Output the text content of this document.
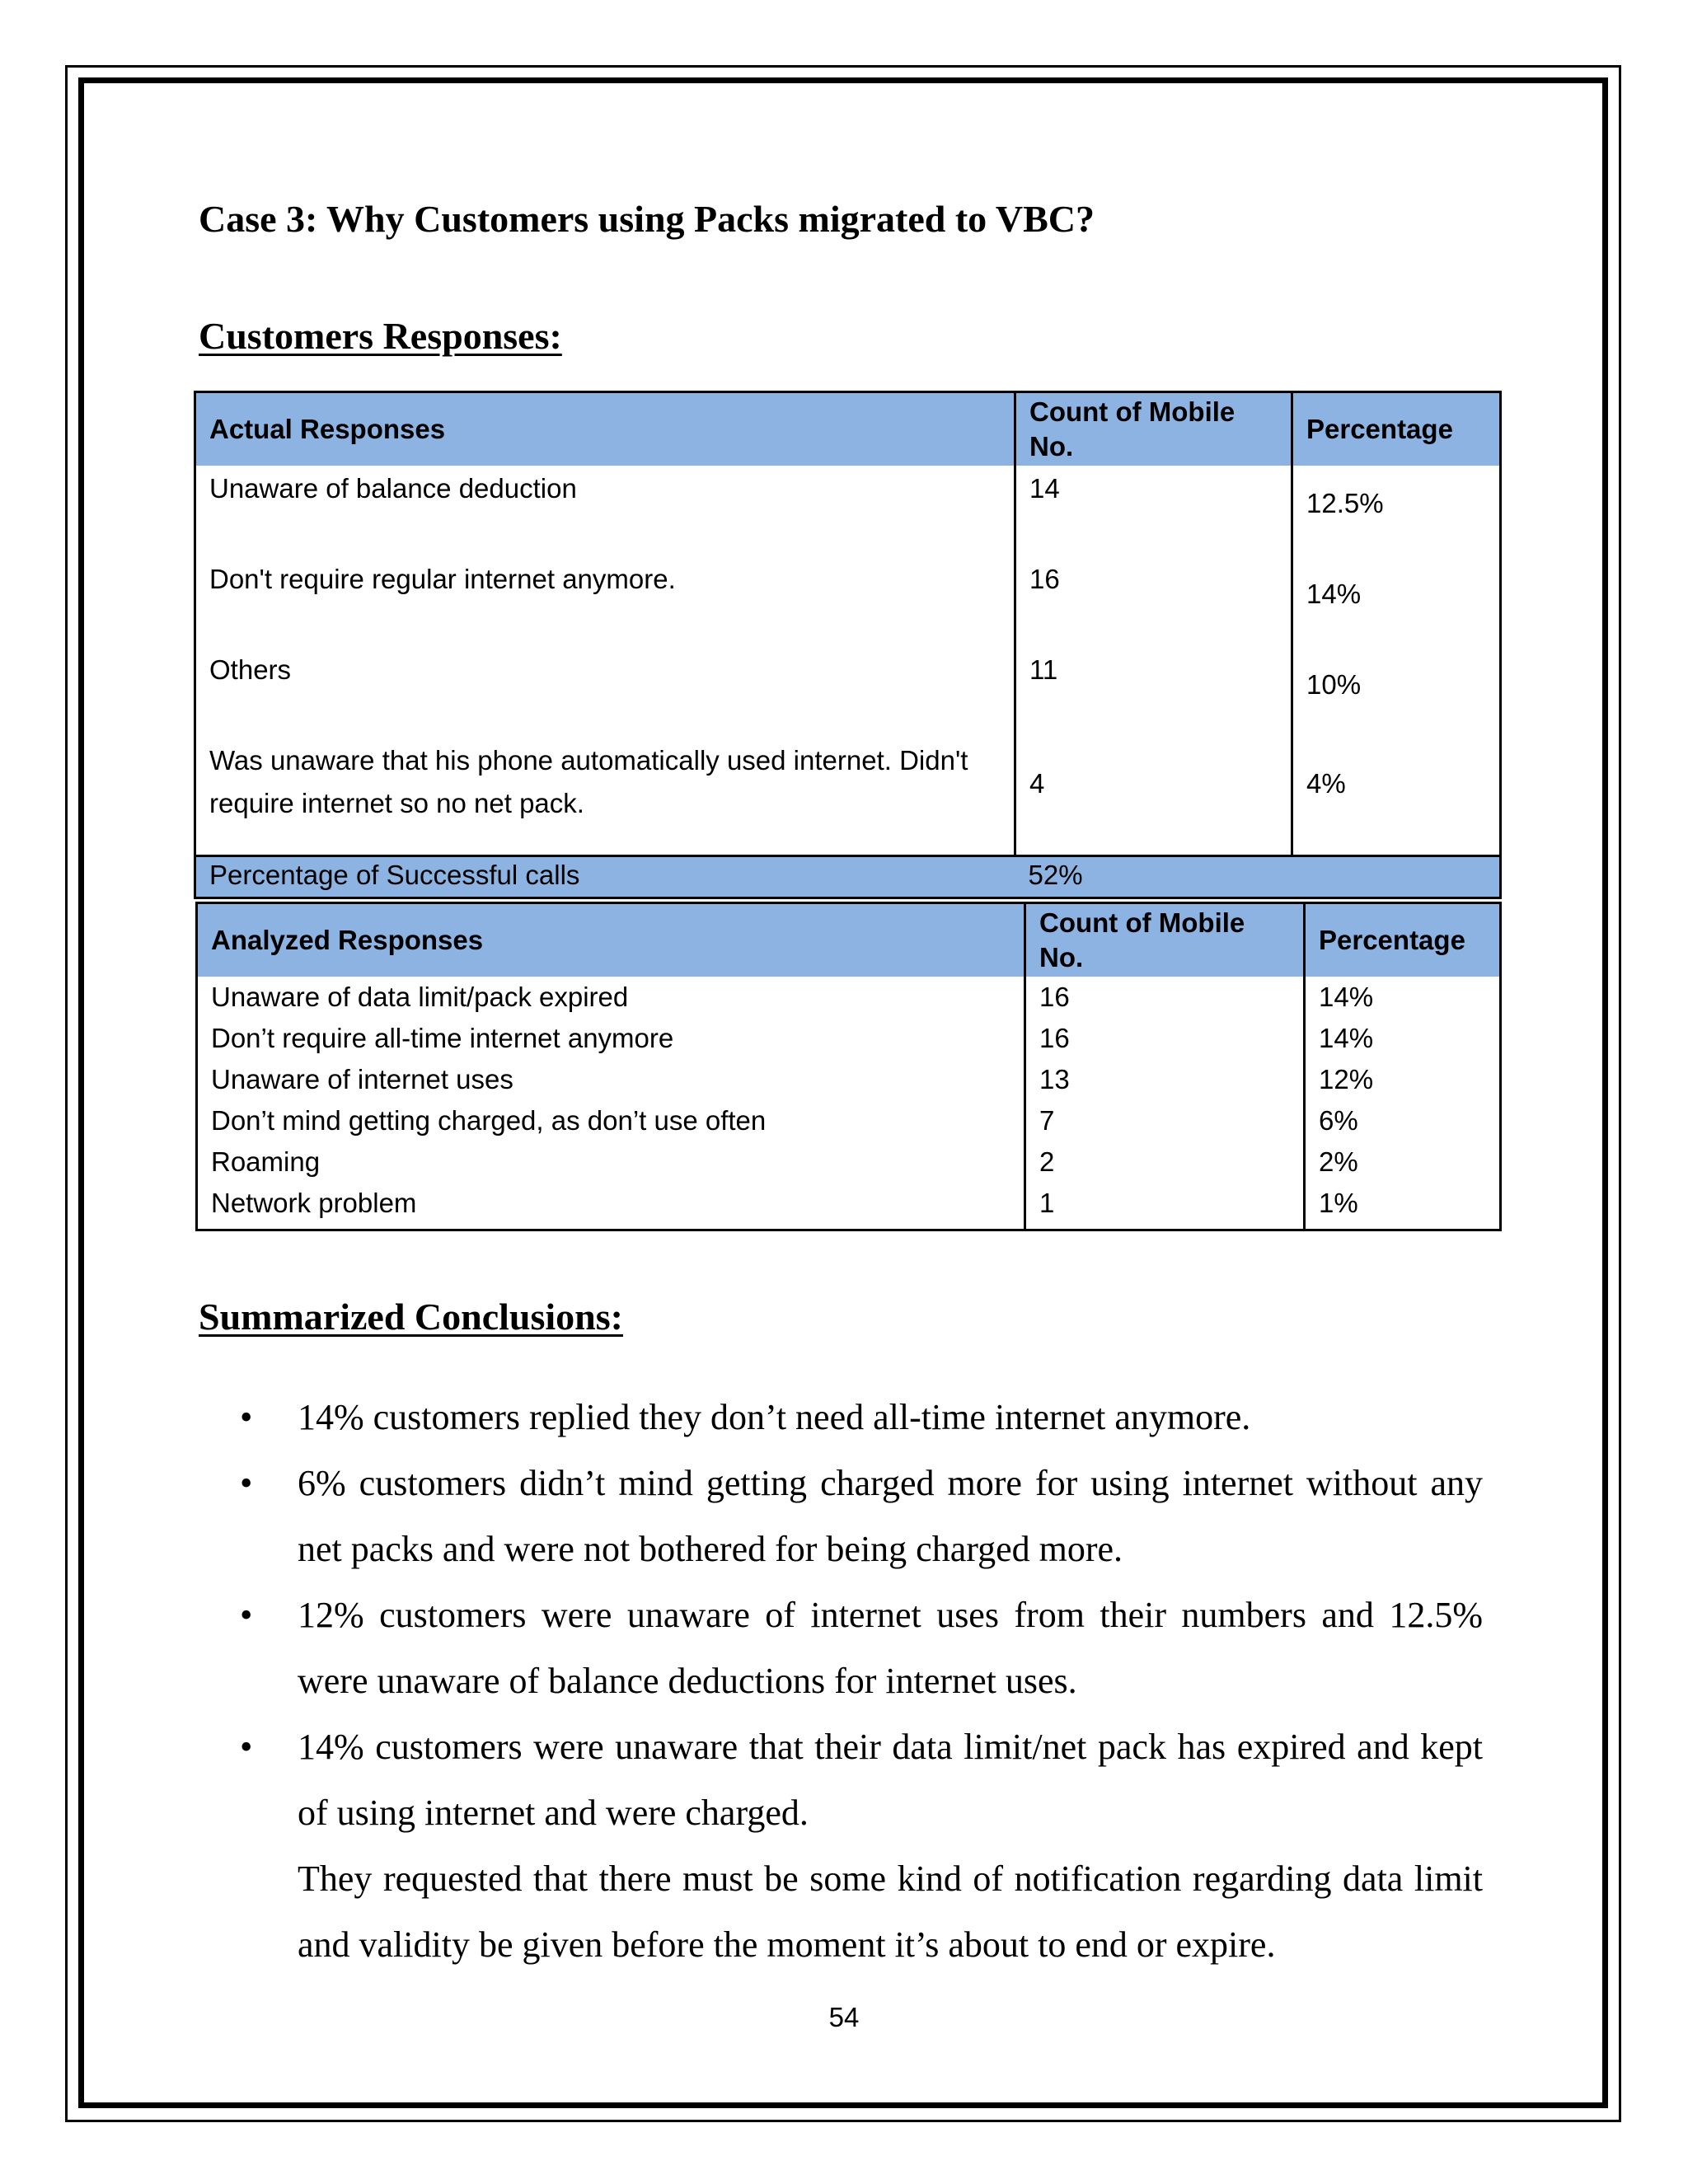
Case 3: Why Customers using Packs migrated to VBC?
Customers Responses:
Actual Responses	Count of Mobile No.	Percentage
Unaware of balance deduction	14	12.5%
Don't require regular internet anymore.	16	14%
Others	11	10%
Was unaware that his phone automatically used internet. Didn't require internet so no net pack.	4	4%
Percentage of Successful calls	52%	
Analyzed Responses	Count of Mobile No.	Percentage
Unaware of data limit/pack expired	16	14%
Don’t require all-time internet anymore	16	14%
Unaware of internet uses	13	12%
Don’t mind getting charged, as don’t use often	7	6%
Roaming	2	2%
Network problem	1	1%
Summarized Conclusions:
•	14% customers replied they don’t need all-time internet anymore.
•	6% customers didn’t mind getting charged more for using internet without any net packs and were not bothered for being charged more.
•	12% customers were unaware of internet uses from their numbers and 12.5% were unaware of balance deductions for internet uses.
•	14% customers were unaware that their data limit/net pack has expired and kept of using internet and were charged.

They requested that there must be some kind of notification regarding data limit and validity be given before the moment it’s about to end or expire.

54
